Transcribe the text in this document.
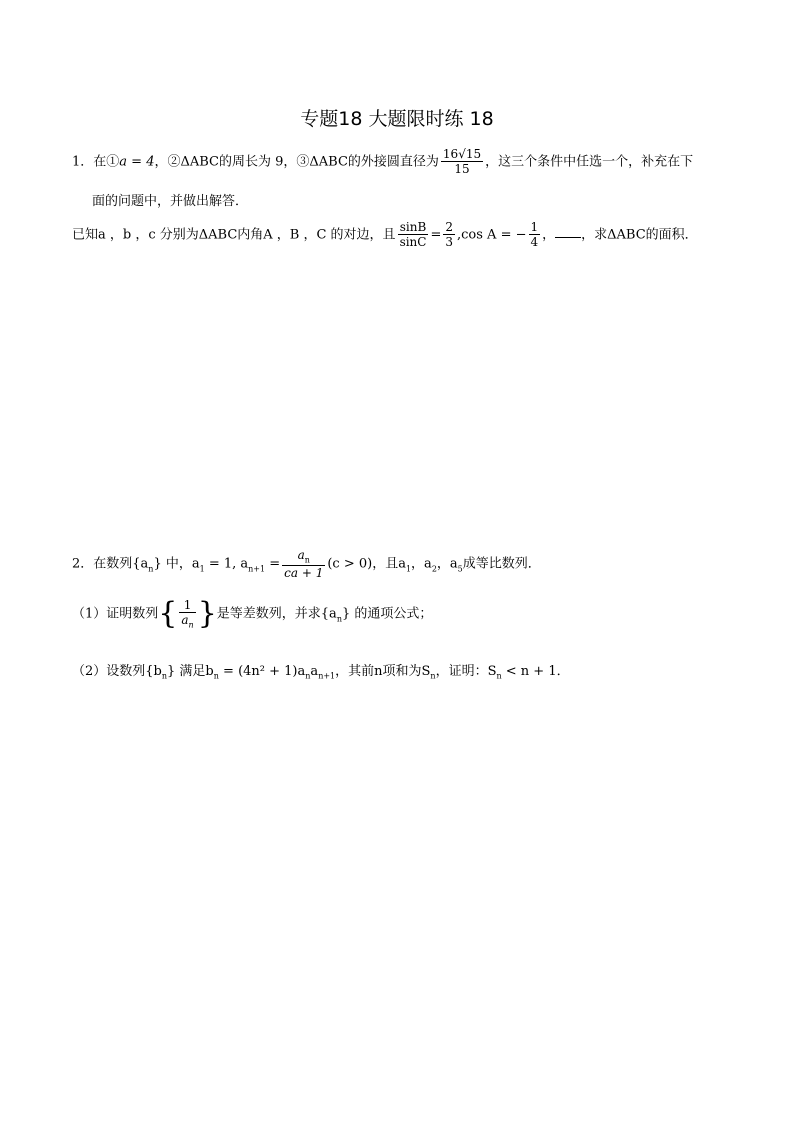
专题18 大题限时练 18
1．在①a = 4，②ΔABC的周长为 9，③ΔABC的外接圆直径为 $\frac{16√15}{15}$ ，这三个条件中任选一个，补充在下
面的问题中，并做出解答．
已知a ，b ，c 分别为ΔABC内角A ，B ，C 的对边，且 $\frac{\sin B}{\sin C} = \frac{2}{3} ,\cos$ A = − $\frac{1}{4}$ ， ，求ΔABC的面积．
2．在数列$\{a_n\}$ 中，$a_1 = 1$, $a_{n+1} = \frac{a_n}{ca + 1} (c > 0)$，且$a_1$，$a_2$，$a_5$成等比数列．
（1）证明数列{ $\frac{1}{a_n}$ }是等差数列，并求$\{a_n\}$ 的通项公式；
（2）设数列$\{b_n\}$ 满足$b_n = (4n^2 + 1)a_na_{n+1}$，其前n项和为$S_n$，证明：$S_n < n + 1$．
